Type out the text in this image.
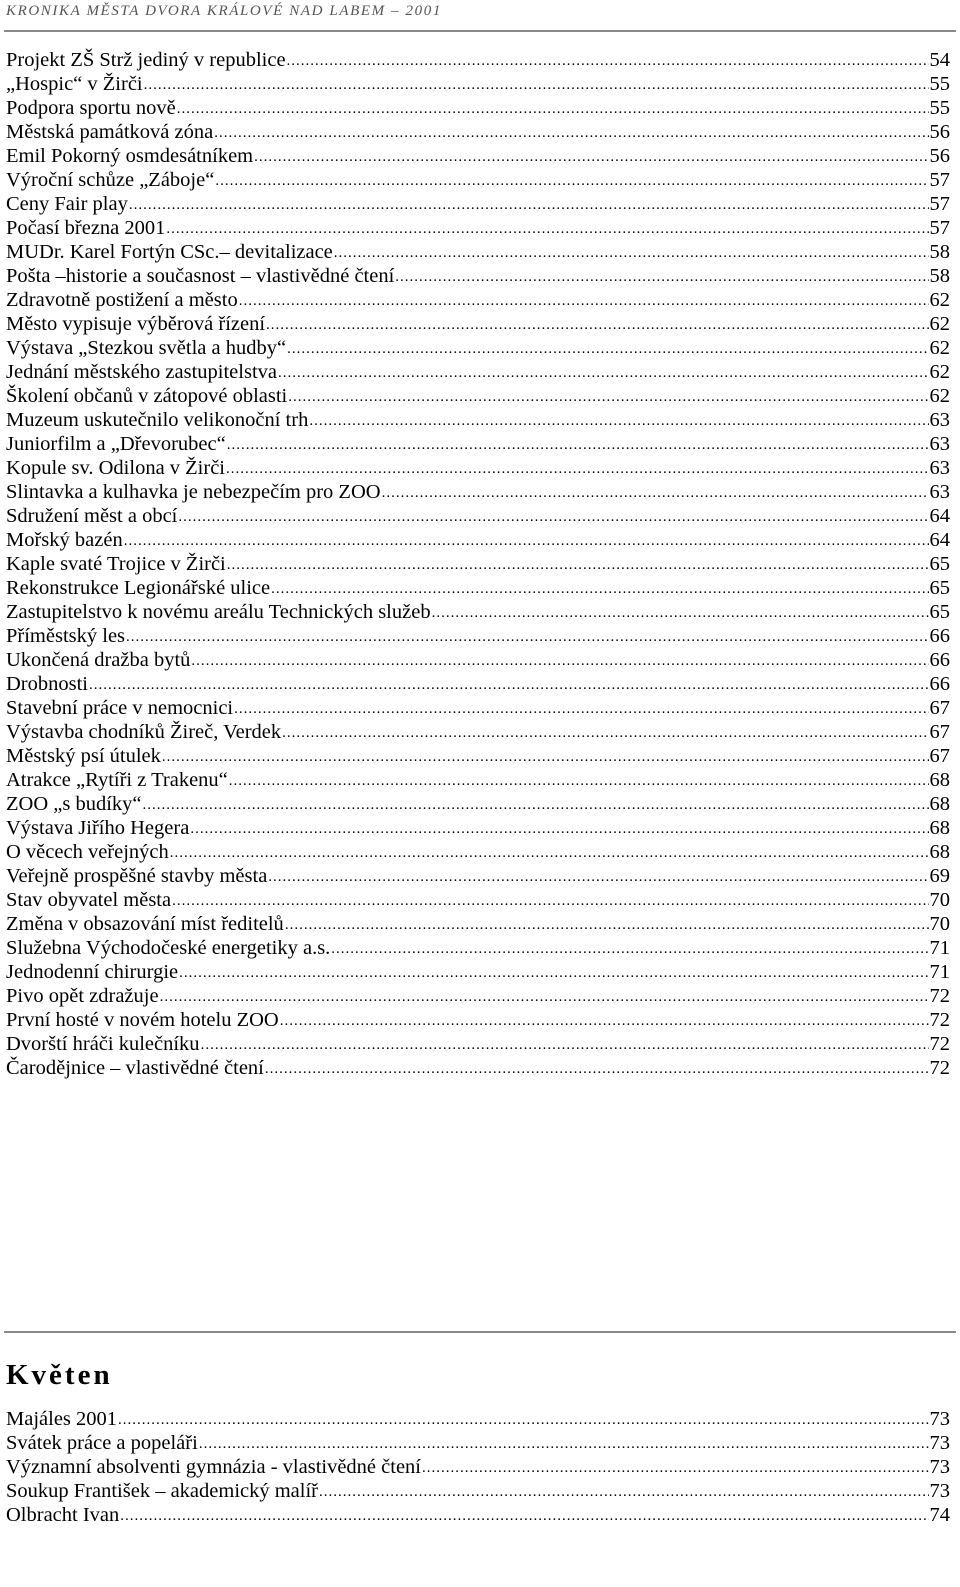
KRONIKA MĚSTA DVORA KRÁLOVÉ NAD LABEM – 2001
Projekt ZŠ Strž jediný v republice .....	54
„Hospic“ v Žirči .....	55
Podpora sportu nově .....	55
Městská památková zóna .....	56
Emil Pokorný osmdesátníkem .....	56
Výroční schůze „Záboje“ .....	57
Ceny Fair play .....	57
Počasí března 2001 .....	57
MUDr. Karel Fortýn CSc.– devitalizace .....	58
Pošta –historie a současnost – vlastivědné čtení .....	58
Zdravotně postižení a město .....	62
Město vypisuje výběrová řízení .....	62
Výstava „Stezkou světla a hudby“ .....	62
Jednání městského zastupitelstva .....	62
Školení občanů v zátopové oblasti .....	62
Muzeum uskutečnilo velikonoční trh .....	63
Juniorfilm a „Dřevorubec“ .....	63
Kopule sv. Odilona v Žirči .....	63
Slintavka a kulhavka je nebezpečím pro ZOO .....	63
Sdružení měst a obcí .....	64
Mořský bazén .....	64
Kaple svaté Trojice v Žirči .....	65
Rekonstrukce Legionářské ulice .....	65
Zastupitelstvo k novému areálu Technických služeb .....	65
Příměstský les .....	66
Ukončená dražba bytů .....	66
Drobnosti .....	66
Stavební práce v nemocnici .....	67
Výstavba chodníků Žireč, Verdek .....	67
Městský psí útulek .....	67
Atrakce „Rytíři z Trakenu“ .....	68
ZOO „s budíky“ .....	68
Výstava Jiřího Hegera .....	68
O věcech veřejných .....	68
Veřejně prospěšné stavby města .....	69
Stav obyvatel města .....	70
Změna v obsazování míst ředitelů .....	70
Služebna Východočeské energetiky a.s. .....	71
Jednodenní chirurgie .....	71
Pivo opět zdražuje .....	72
První hosté v novém hotelu ZOO .....	72
Dvorští hráči kulečníku .....	72
Čarodějnice – vlastivědné čtení .....	72
Květen
Majáles 2001 .....	73
Svátek práce a popeláři .....	73
Významní absolventi gymnázia - vlastivědné čtení .....	73
Soukup František – akademický malíř .....	73
Olbracht Ivan .....	74
